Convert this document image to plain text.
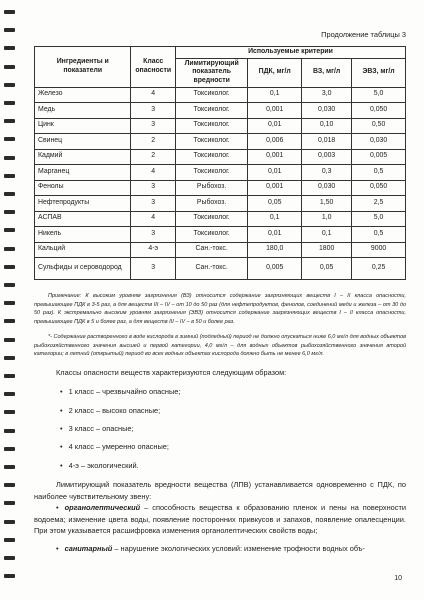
Продолжение таблицы 3

Ингредиенты и показатели	Класс опасности	Используемые критерии			
		Лимитирующий показатель вредности	ПДК, мг/л	ВЗ, мг/л	ЭВЗ, мг/л
Железо	4	Токсиколог.	0,1	3,0	5,0
Медь	3	Токсиколог.	0,001	0,030	0,050
Цинк	3	Токсиколог.	0,01	0,10	0,50
Свинец	2	Токсиколог.	0,006	0,018	0,030
Кадмий	2	Токсиколог.	0,001	0,003	0,005
Марганец	4	Токсиколог.	0,01	0,3	0,5
Фенолы	3	Рыбохоз.	0,001	0,030	0,050
Нефтепродукты	3	Рыбохоз.	0,05	1,50	2,5
АСПАВ	4	Токсиколог.	0,1	1,0	5,0
Никель	3	Токсиколог.	0,01	0,1	0,5
Кальций	4-э	Сан.-токс.	180,0	1800	9000
Сульфиды и сероводород	3	Сан.-токс.	0,005	0,05	0,25

Примечание: К высоким уровням загрязнения (ВЗ) относится содержание загрязняющих веществ I – II класса опасности, превышающее ПДК в 3-5 раз, а для веществ III – IV – от 10 до 50 раз (для нефтепродуктов, фенолов, соединений меди и железа – от 30 до 50 раз). К экстремально высоким уровням загрязнения (ЭВЗ) относится содержание загрязняющих веществ I – II класса опасности, превышающее ПДК в 5 и более раз, а для веществ III – IV – в 50 и более раз.

*- Содержание растворенного в воде кислорода в зимний (подледный) период не должно опускаться ниже 6,0 мг/л для водных объектов рыбохозяйственного значения высшей и первой категории, 4,0 мг/л – для водных объектов рыбохозяйственного значения второй категории; в летний (открытый) период во всех водных объектах кислорода должно быть не менее 6,0 мг/л.

Классы опасности веществ характеризуются следующим образом:

• 1 класс – чрезвычайно опасные;
• 2 класс – высоко опасные;
• 3 класс – опасные;
• 4 класс – умеренно опасные;
• 4-э – экологический.

Лимитирующий показатель вредности вещества (ЛПВ) устанавливается одновременно с ПДК, по наиболее чувствительному звену:

• органолептический – способность вещества к образованию пленок и пены на поверхности водоема; изменение цвета воды, появление посторонних привкусов и запахов, появление опалесценции. При этом указывается расшифровка изменения органолептических свойств воды;

• санитарный – нарушение экологических условий: изменение трофности водных объ-

10
